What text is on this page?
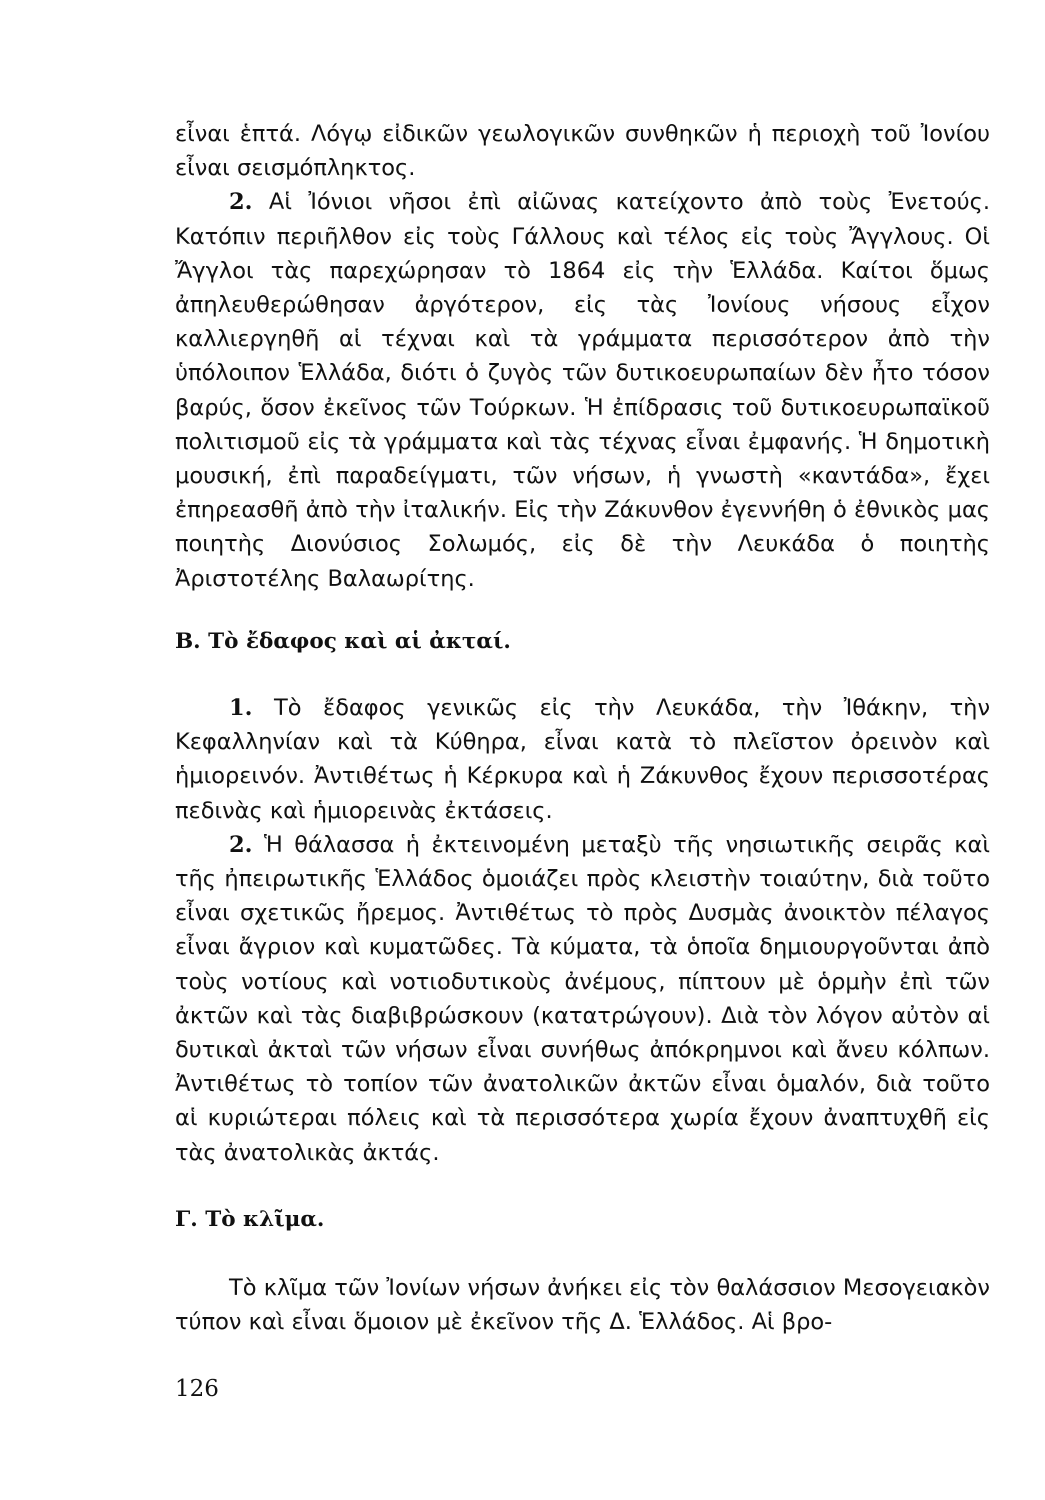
εἶναι ἑπτά. Λόγῳ εἰδικῶν γεωλογικῶν συνθηκῶν ἡ περιοχὴ τοῦ Ἰονίου εἶναι σεισμόπληκτος.

2. Αἱ Ἰόνιοι νῆσοι ἐπὶ αἰῶνας κατείχοντο ἀπὸ τοὺς Ἐνετούς. Κατόπιν περιῆλθον εἰς τοὺς Γάλλους καὶ τέλος εἰς τοὺς Ἄγγλους. Οἱ Ἄγγλοι τὰς παρεχώρησαν τὸ 1864 εἰς τὴν Ἑλλάδα. Καίτοι ὅμως ἀπηλευθερώθησαν ἀργότερον, εἰς τὰς Ἰονίους νήσους εἶχον καλλιεργηθῆ αἱ τέχναι καὶ τὰ γράμματα περισσότερον ἀπὸ τὴν ὑπόλοιπον Ἑλλάδα, διότι ὁ ζυγὸς τῶν δυτικοευρωπαίων δὲν ἦτο τόσον βαρύς, ὅσον ἐκεῖνος τῶν Τούρκων. Ἡ ἐπίδρασις τοῦ δυτικοευρωπαϊκοῦ πολιτισμοῦ εἰς τὰ γράμματα καὶ τὰς τέχνας εἶναι ἐμφανής. Ἡ δημοτικὴ μουσική, ἐπὶ παραδείγματι, τῶν νήσων, ἡ γνωστὴ «καντάδα», ἔχει ἐπηρεασθῆ ἀπὸ τὴν ἰταλικήν. Εἰς τὴν Ζάκυνθον ἐγεννήθη ὁ ἐθνικὸς μας ποιητὴς Διονύσιος Σολωμός, εἰς δὲ τὴν Λευκάδα ὁ ποιητὴς Ἀριστοτέλης Βαλαωρίτης.

Β. Τὸ ἔδαφος καὶ αἱ ἀκταί.

1. Τὸ ἔδαφος γενικῶς εἰς τὴν Λευκάδα, τὴν Ἰθάκην, τὴν Κεφαλληνίαν καὶ τὰ Κύθηρα, εἶναι κατὰ τὸ πλεῖστον ὀρεινὸν καὶ ἡμιορεινόν. Ἀντιθέτως ἡ Κέρκυρα καὶ ἡ Ζάκυνθος ἔχουν περισσοτέρας πεδινὰς καὶ ἡμιορεινὰς ἐκτάσεις.

2. Ἡ θάλασσα ἡ ἐκτεινομένη μεταξὺ τῆς νησιωτικῆς σειρᾶς καὶ τῆς ἠπειρωτικῆς Ἑλλάδος ὁμοιάζει πρὸς κλειστὴν τοιαύτην, διὰ τοῦτο εἶναι σχετικῶς ἤρεμος. Ἀντιθέτως τὸ πρὸς Δυσμὰς ἀνοικτὸν πέλαγος εἶναι ἄγριον καὶ κυματῶδες. Τὰ κύματα, τὰ ὁποῖα δημιουργοῦνται ἀπὸ τοὺς νοτίους καὶ νοτιοδυτικοὺς ἀνέμους, πίπτουν μὲ ὁρμὴν ἐπὶ τῶν ἀκτῶν καὶ τὰς διαβιβρώσκουν (κατατρώγουν). Διὰ τὸν λόγον αὐτὸν αἱ δυτικαὶ ἀκταὶ τῶν νήσων εἶναι συνήθως ἀπόκρημνοι καὶ ἄνευ κόλπων. Ἀντιθέτως τὸ τοπίον τῶν ἀνατολικῶν ἀκτῶν εἶναι ὁμαλόν, διὰ τοῦτο αἱ κυριώτεραι πόλεις καὶ τὰ περισσότερα χωρία ἔχουν ἀναπτυχθῆ εἰς τὰς ἀνατολικὰς ἀκτάς.

Γ. Τὸ κλῖμα.

Τὸ κλῖμα τῶν Ἰονίων νήσων ἀνήκει εἰς τὸν θαλάσσιον Μεσογειακὸν τύπον καὶ εἶναι ὅμοιον μὲ ἐκεῖνον τῆς Δ. Ἑλλάδος. Αἱ βρο-

126
